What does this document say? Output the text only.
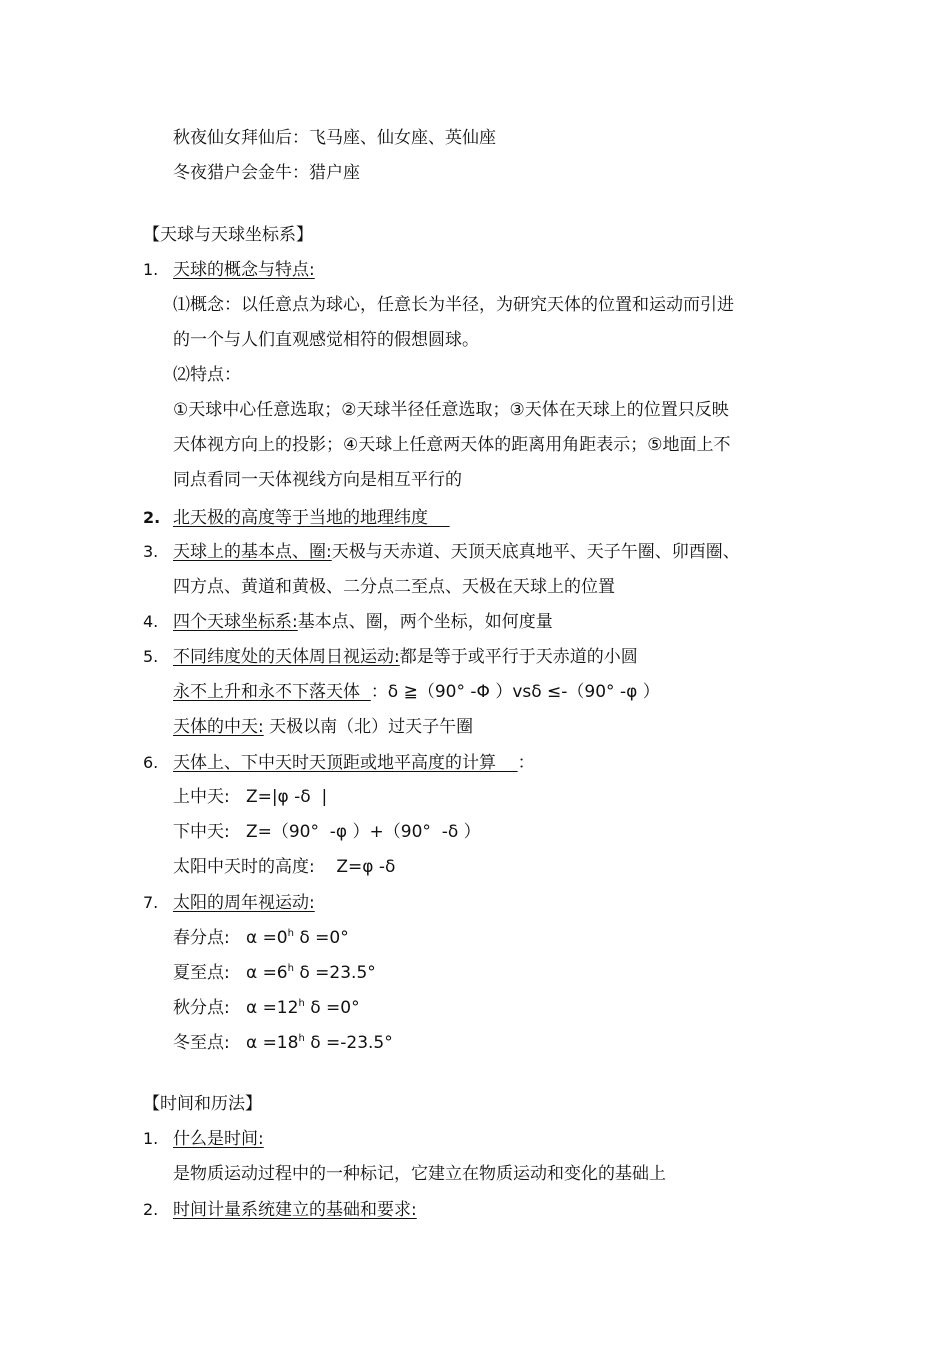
秋夜仙女拜仙后：飞马座、仙女座、英仙座
冬夜猎户会金牛：猎户座
【天球与天球坐标系】
1. 天球的概念与特点:
⑴概念：以任意点为球心，任意长为半径，为研究天体的位置和运动而引进
的一个与人们直观感觉相符的假想圆球。
⑵特点：
①天球中心任意选取；②天球半径任意选取；③天体在天球上的位置只反映
天体视方向上的投影；④天球上任意两天体的距离用角距表示；⑤地面上不
同点看同一天体视线方向是相互平行的
2. 北天极的高度等于当地的地理纬度
3. 天球上的基本点、圈:天极与天赤道、天顶天底真地平、天子午圈、卯酉圈、
四方点、黄道和黄极、二分点二至点、天极在天球上的位置
4. 四个天球坐标系:基本点、圈，两个坐标，如何度量
5. 不同纬度处的天体周日视运动:都是等于或平行于天赤道的小圆
永不上升和永不下落天体 ：δ ≧（90° -Φ ）vsδ ≤-（90° -φ ）
天体的中天: 天极以南（北）过天子午圈
6. 天体上、下中天时天顶距或地平高度的计算 ：
上中天:   Z=|φ -δ  |
下中天:   Z=（90°  -φ ）+（90°  -δ ）
太阳中天时的高度:    Z=φ -δ
7. 太阳的周年视运动:
春分点: $\alpha =0^h$ δ =0°
夏至点: $\alpha =6^h$ δ =23.5°
秋分点: $\alpha =12^h$ δ =0°
冬至点: $\alpha =18^h$ δ =-23.5°
【时间和历法】
1. 什么是时间:
是物质运动过程中的一种标记，它建立在物质运动和变化的基础上
2. 时间计量系统建立的基础和要求:
